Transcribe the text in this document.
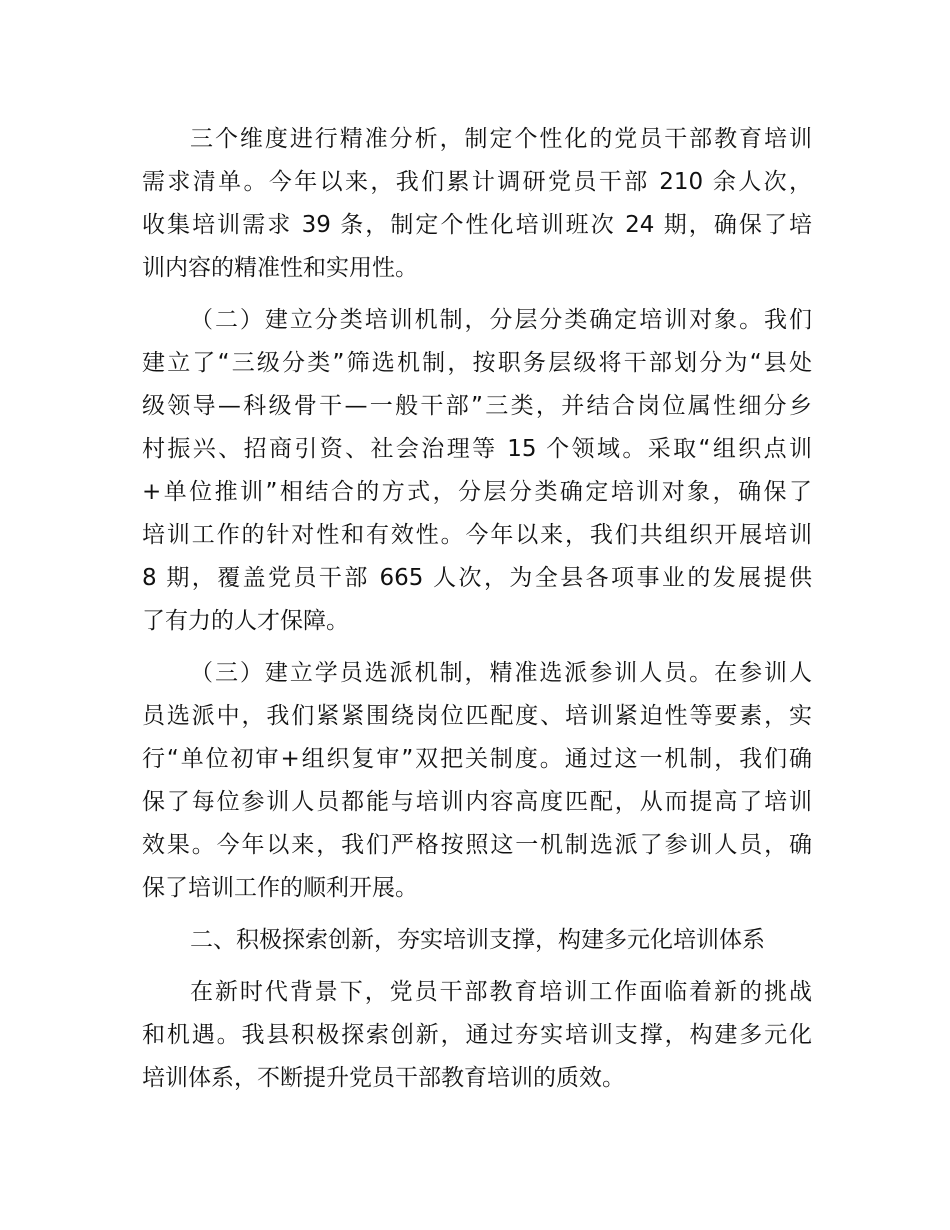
三个维度进行精准分析，制定个性化的党员干部教育培训
需求清单。今年以来，我们累计调研党员干部 210 余人次，
收集培训需求 39 条，制定个性化培训班次 24 期，确保了培
训内容的精准性和实用性。
（二）建立分类培训机制，分层分类确定培训对象。我们
建立了“三级分类”筛选机制，按职务层级将干部划分为“县处
级领导—科级骨干—一般干部”三类，并结合岗位属性细分乡
村振兴、招商引资、社会治理等 15 个领域。采取“组织点训
+单位推训”相结合的方式，分层分类确定培训对象，确保了
培训工作的针对性和有效性。今年以来，我们共组织开展培训
8 期，覆盖党员干部 665 人次，为全县各项事业的发展提供
了有力的人才保障。
（三）建立学员选派机制，精准选派参训人员。在参训人
员选派中，我们紧紧围绕岗位匹配度、培训紧迫性等要素，实
行“单位初审+组织复审”双把关制度。通过这一机制，我们确
保了每位参训人员都能与培训内容高度匹配，从而提高了培训
效果。今年以来，我们严格按照这一机制选派了参训人员，确
保了培训工作的顺利开展。
二、积极探索创新，夯实培训支撑，构建多元化培训体系
在新时代背景下，党员干部教育培训工作面临着新的挑战
和机遇。我县积极探索创新，通过夯实培训支撑，构建多元化
培训体系，不断提升党员干部教育培训的质效。
